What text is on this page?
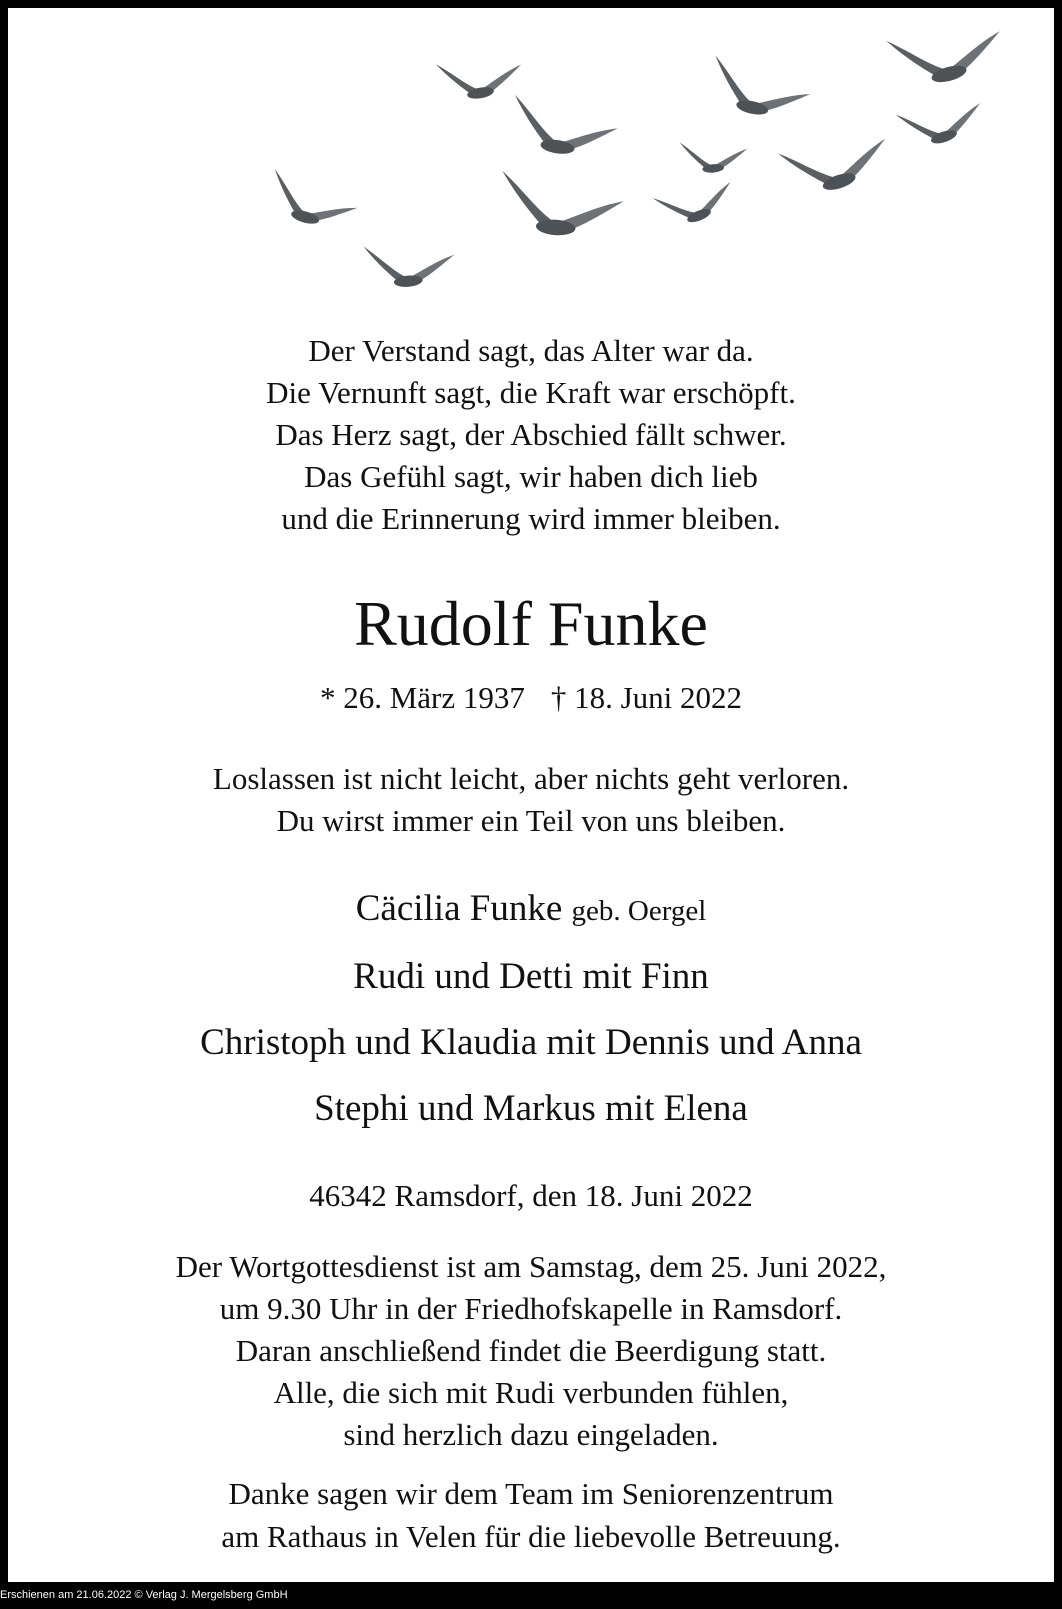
Der Verstand sagt, das Alter war da.
Die Vernunft sagt, die Kraft war erschöpft.
Das Herz sagt, der Abschied fällt schwer.
Das Gefühl sagt, wir haben dich lieb
und die Erinnerung wird immer bleiben.
Rudolf Funke
* 26. März 1937 † 18. Juni 2022
Loslassen ist nicht leicht, aber nichts geht verloren.
Du wirst immer ein Teil von uns bleiben.
Cäcilia Funke geb. Oergel
Rudi und Detti mit Finn
Christoph und Klaudia mit Dennis und Anna
Stephi und Markus mit Elena
46342 Ramsdorf, den 18. Juni 2022
Der Wortgottesdienst ist am Samstag, dem 25. Juni 2022,
um 9.30 Uhr in der Friedhofskapelle in Ramsdorf.
Daran anschließend findet die Beerdigung statt.
Alle, die sich mit Rudi verbunden fühlen,
sind herzlich dazu eingeladen.
Danke sagen wir dem Team im Seniorenzentrum
am Rathaus in Velen für die liebevolle Betreuung.
Erschienen am 21.06.2022 © Verlag J. Mergelsberg GmbH
